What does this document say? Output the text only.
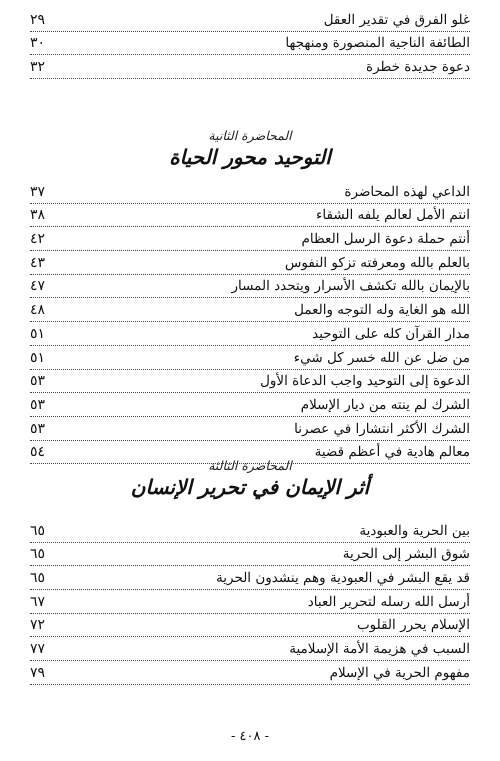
غلو الفرق في تقدير العقل
٢٩
الطائفة الناجية المنصورة ومنهجها
٣٠
دعوة جديدة خطرة
٣٢
المحاضرة الثانية
التوحيد محور الحياة
الداعي لهذه المحاضرة
٣٧
انتم الأمل لعالم يلفه الشقاء
٣٨
أنتم حملة دعوة الرسل العظام
٤٢
بالعلم بالله ومعرفته تزكو النفوس
٤٣
بالإيمان بالله تكشف الأسرار ويتحدد المسار
٤٧
الله هو الغاية وله التوجه والعمل
٤٨
مدار القرآن كله على التوحيد
٥١
من ضل عن الله خسر كل شيء
٥١
الدعوة إلى التوحيد واجب الدعاة الأول
٥٣
الشرك لم ينته من ديار الإسلام
٥٣
الشرك الأكثر انتشارا في عصرنا
٥٣
معالم هادية في أعظم قضية
٥٤
المحاضرة الثالثة
أثر الإيمان في تحرير الإنسان
بين الحرية والعبودية
٦٥
شوق البشر إلى الحرية
٦٥
قد يقع البشر في العبودية وهم ينشدون الحرية
٦٥
أرسل الله رسله لتحرير العباد
٦٧
الإسلام يحرر القلوب
٧٢
السبب في هزيمة الأمة الإسلامية
٧٧
مفهوم الحرية في الإسلام
٧٩
- ٤٠٨ -
